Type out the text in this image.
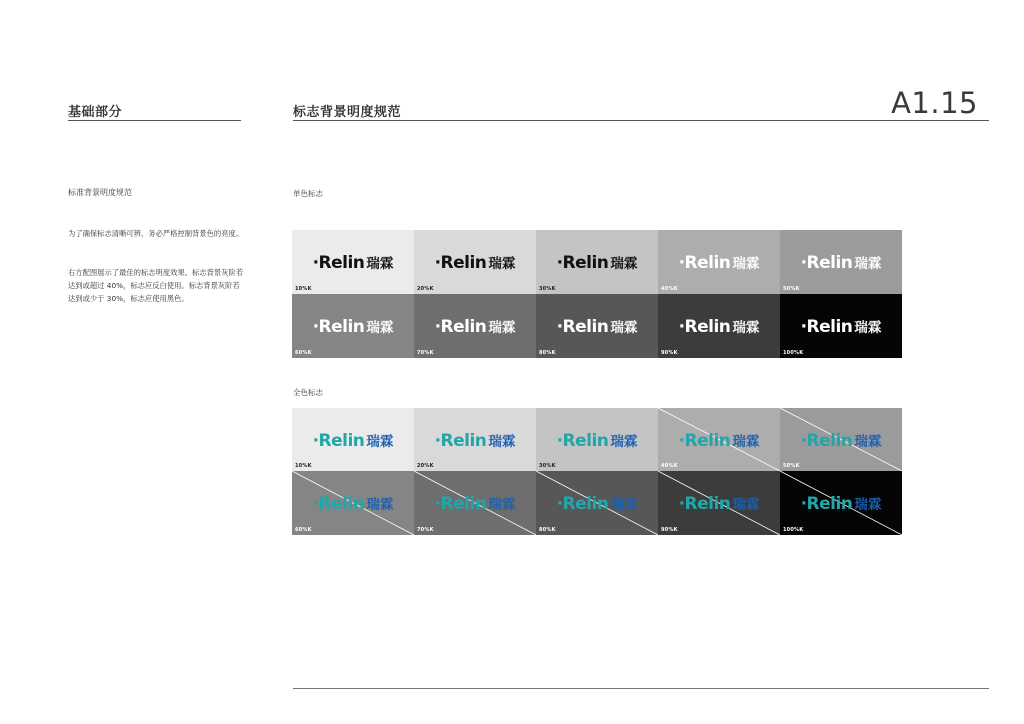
基础部分	标志背景明度规范	A1.15
标准背景明度规范
为了确保标志清晰可辨，务必严格控制背景色的亮度。
右方配图展示了最佳的标志明度效果。标志背景灰阶若达到或超过 40%，标志应反白使用。标志背景灰阶若达到或少于 30%，标志应使用黑色。
单色标志
·Relin 瑞霖
10%K
·Relin 瑞霖
20%K
·Relin 瑞霖
30%K
·Relin 瑞霖
40%K
·Relin 瑞霖
50%K
·Relin 瑞霖
60%K
·Relin 瑞霖
70%K
·Relin 瑞霖
80%K
·Relin 瑞霖
90%K
·Relin 瑞霖
100%K
全色标志
·Relin 瑞霖
10%K
·Relin 瑞霖
20%K
·Relin 瑞霖
30%K
·Relin 瑞霖
40%K
·Relin 瑞霖
50%K
·Relin 瑞霖
60%K
·Relin 瑞霖
70%K
·Relin 瑞霖
80%K
·Relin 瑞霖
90%K
·Relin 瑞霖
100%K
